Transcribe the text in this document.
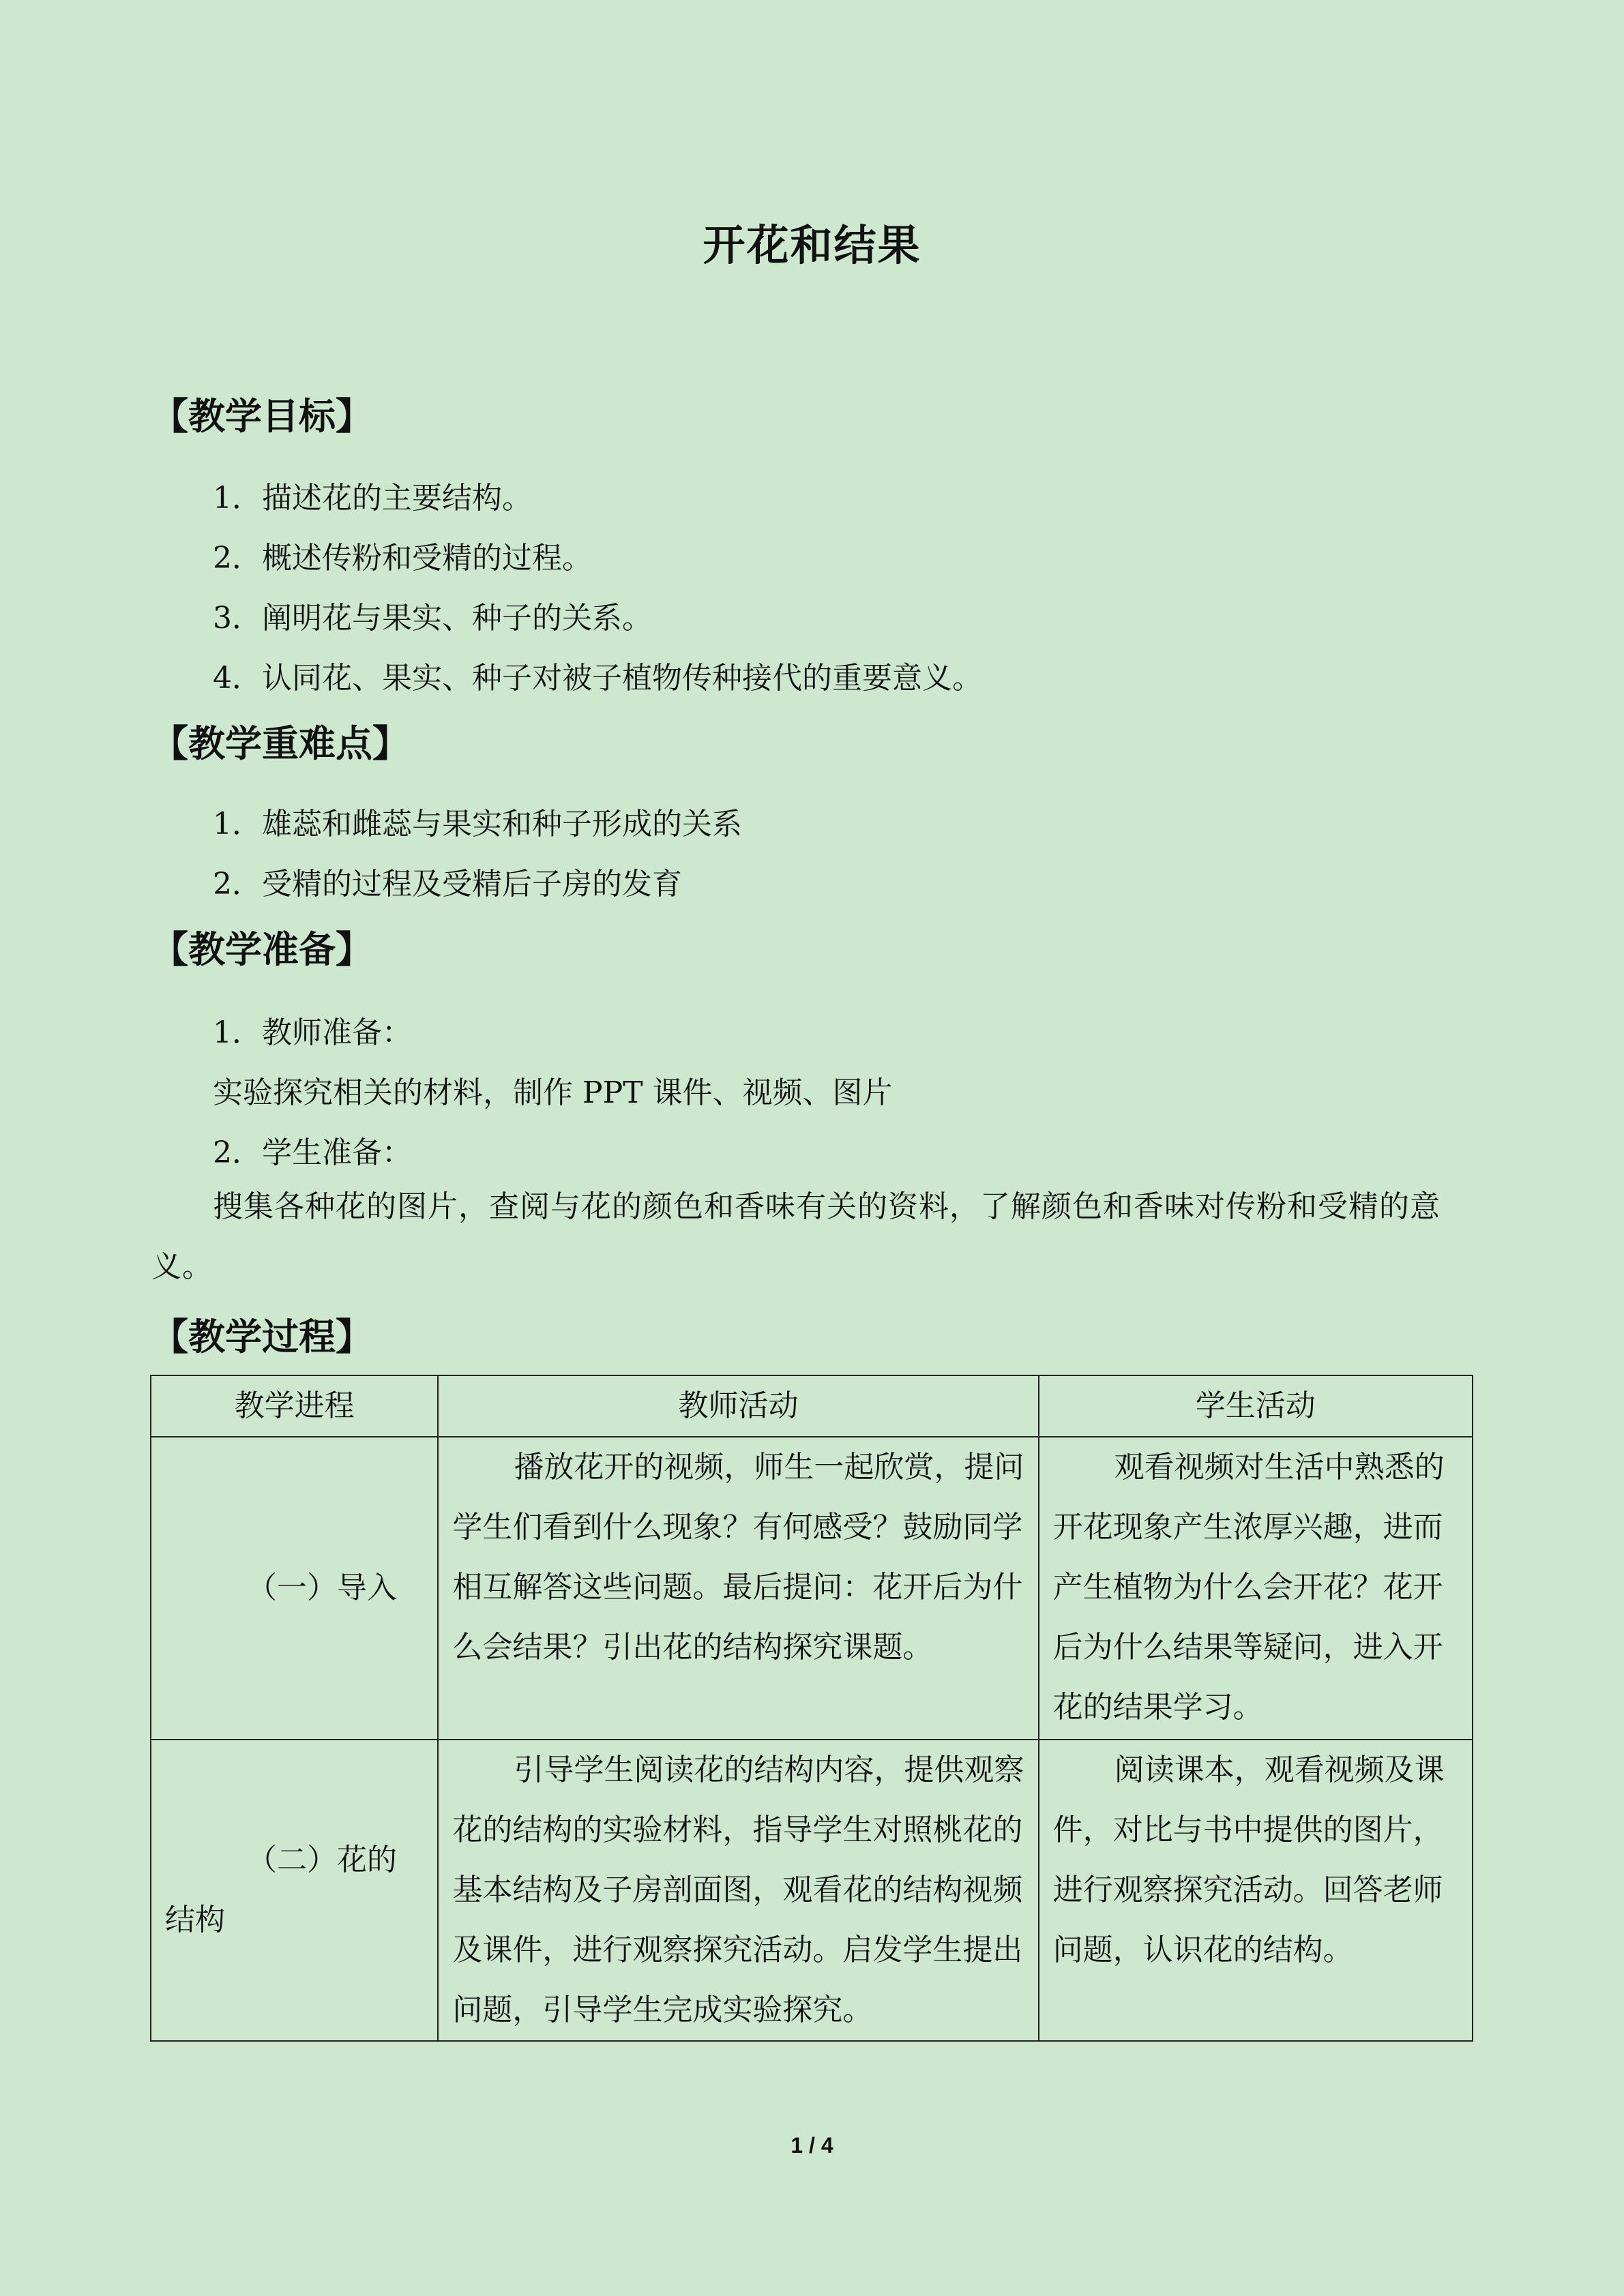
开花和结果
【教学目标】
1．描述花的主要结构。
2．概述传粉和受精的过程。
3．阐明花与果实、种子的关系。
4．认同花、果实、种子对被子植物传种接代的重要意义。
【教学重难点】
1．雄蕊和雌蕊与果实和种子形成的关系
2．受精的过程及受精后子房的发育
【教学准备】
1．教师准备：
实验探究相关的材料，制作 PPT 课件、视频、图片
2．学生准备：
搜集各种花的图片，查阅与花的颜色和香味有关的资料，了解颜色和香味对传粉和受精的意义。
【教学过程】
教学进程	教师活动	学生活动
（一）导入	播放花开的视频，师生一起欣赏，提问学生们看到什么现象？有何感受？鼓励同学相互解答这些问题。最后提问：花开后为什么会结果？引出花的结构探究课题。	观看视频对生活中熟悉的开花现象产生浓厚兴趣，进而产生植物为什么会开花？花开后为什么结果等疑问，进入开花的结果学习。

（二）花的结构	引导学生阅读花的结构内容，提供观察花的结构的实验材料，指导学生对照桃花的基本结构及子房剖面图，观看花的结构视频及课件，进行观察探究活动。启发学生提出问题，引导学生完成实验探究。	阅读课本，观看视频及课件，对比与书中提供的图片，进行观察探究活动。回答老师问题，认识花的结构。
1 / 4
